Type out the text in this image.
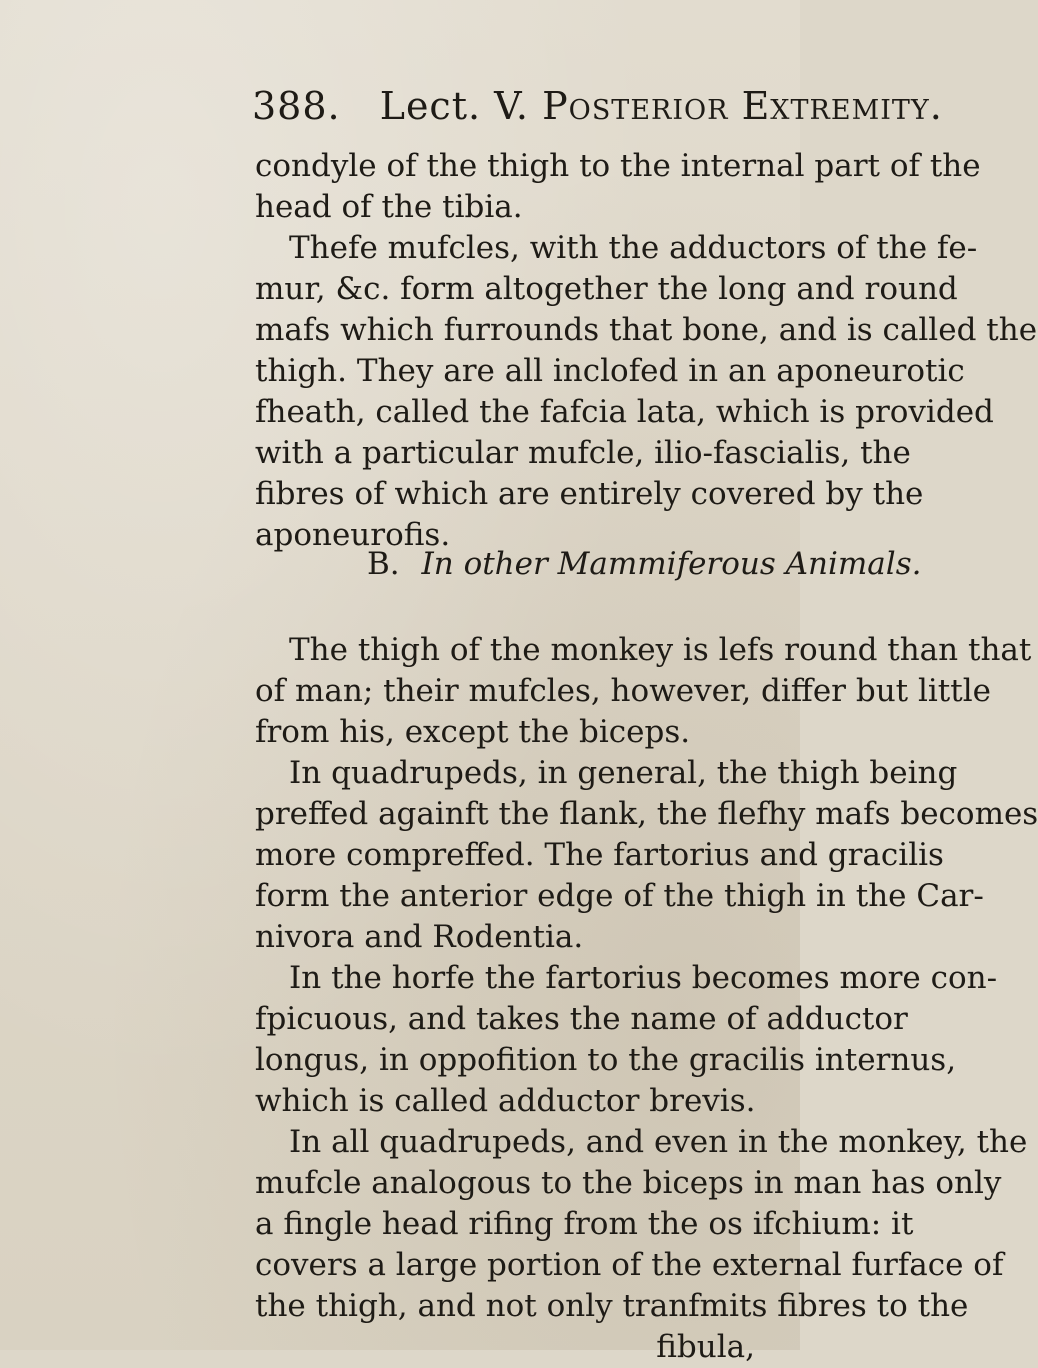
388. Lect. V. Posterior Extremity.
condyle of the thigh to the internal part of the
head of the tibia.
Thefe mufcles, with the adductors of the fe-
mur, &c. form altogether the long and round
mafs which furrounds that bone, and is called the
thigh. They are all inclofed in an aponeurotic
fheath, called the fafcia lata, which is provided
with a particular mufcle, ilio-fascialis, the
fibres of which are entirely covered by the
aponeurofis.
B. In other Mammiferous Animals.
The thigh of the monkey is lefs round than that
of man; their mufcles, however, differ but little
from his, except the biceps.
In quadrupeds, in general, the thigh being
preffed againft the flank, the flefhy mafs becomes
more compreffed. The fartorius and gracilis
form the anterior edge of the thigh in the Car-
nivora and Rodentia.
In the horfe the fartorius becomes more con-
fpicuous, and takes the name of adductor
longus, in oppofition to the gracilis internus,
which is called adductor brevis.
In all quadrupeds, and even in the monkey, the
mufcle analogous to the biceps in man has only
a fingle head rifing from the os ifchium: it
covers a large portion of the external furface of
the thigh, and not only tranfmits fibres to the
fibula,
